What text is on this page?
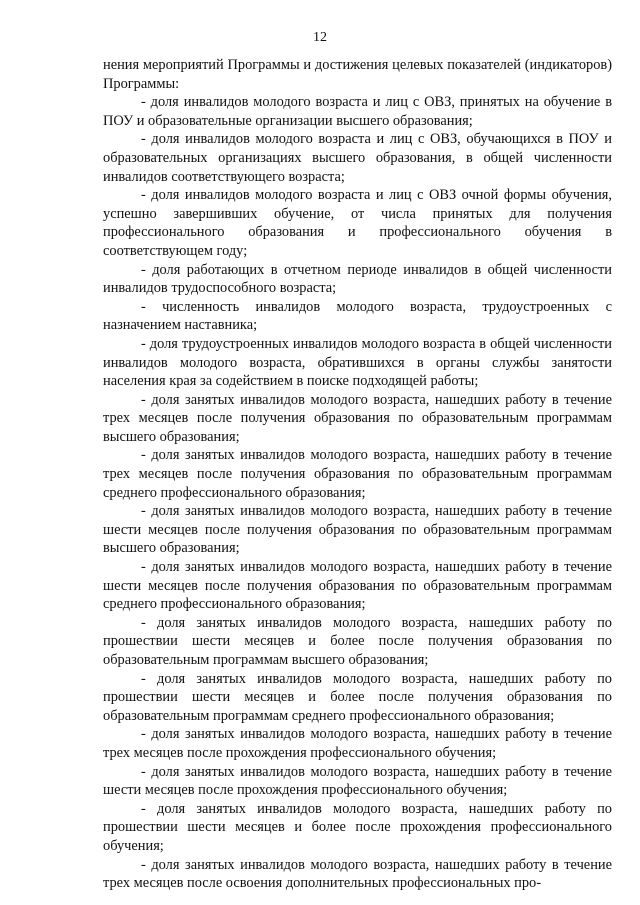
12

нения мероприятий Программы и достижения целевых показателей (индикаторов) Программы:

- доля инвалидов молодого возраста и лиц с ОВЗ, принятых на обучение в ПОУ и образовательные организации высшего образования;

- доля инвалидов молодого возраста и лиц с ОВЗ, обучающихся в ПОУ и образовательных организациях высшего образования, в общей численности инвалидов соответствующего возраста;

- доля инвалидов молодого возраста и лиц с ОВЗ очной формы обучения, успешно завершивших обучение, от числа принятых для получения профессионального образования и профессионального обучения в соответствующем году;

- доля работающих в отчетном периоде инвалидов в общей численности инвалидов трудоспособного возраста;

- численность инвалидов молодого возраста, трудоустроенных с назначением наставника;

- доля трудоустроенных инвалидов молодого возраста в общей численности инвалидов молодого возраста, обратившихся в органы службы занятости населения края за содействием в поиске подходящей работы;

- доля занятых инвалидов молодого возраста, нашедших работу в течение трех месяцев после получения образования по образовательным программам высшего образования;

- доля занятых инвалидов молодого возраста, нашедших работу в течение трех месяцев после получения образования по образовательным программам среднего профессионального образования;

- доля занятых инвалидов молодого возраста, нашедших работу в течение шести месяцев после получения образования по образовательным программам высшего образования;

- доля занятых инвалидов молодого возраста, нашедших работу в течение шести месяцев после получения образования по образовательным программам среднего профессионального образования;

- доля занятых инвалидов молодого возраста, нашедших работу по прошествии шести месяцев и более после получения образования по образовательным программам высшего образования;

- доля занятых инвалидов молодого возраста, нашедших работу по прошествии шести месяцев и более после получения образования по образовательным программам среднего профессионального образования;

- доля занятых инвалидов молодого возраста, нашедших работу в течение трех месяцев после прохождения профессионального обучения;

- доля занятых инвалидов молодого возраста, нашедших работу в течение шести месяцев после прохождения профессионального обучения;

- доля занятых инвалидов молодого возраста, нашедших работу по прошествии шести месяцев и более после прохождения профессионального обучения;

- доля занятых инвалидов молодого возраста, нашедших работу в течение трех месяцев после освоения дополнительных профессиональных про-
